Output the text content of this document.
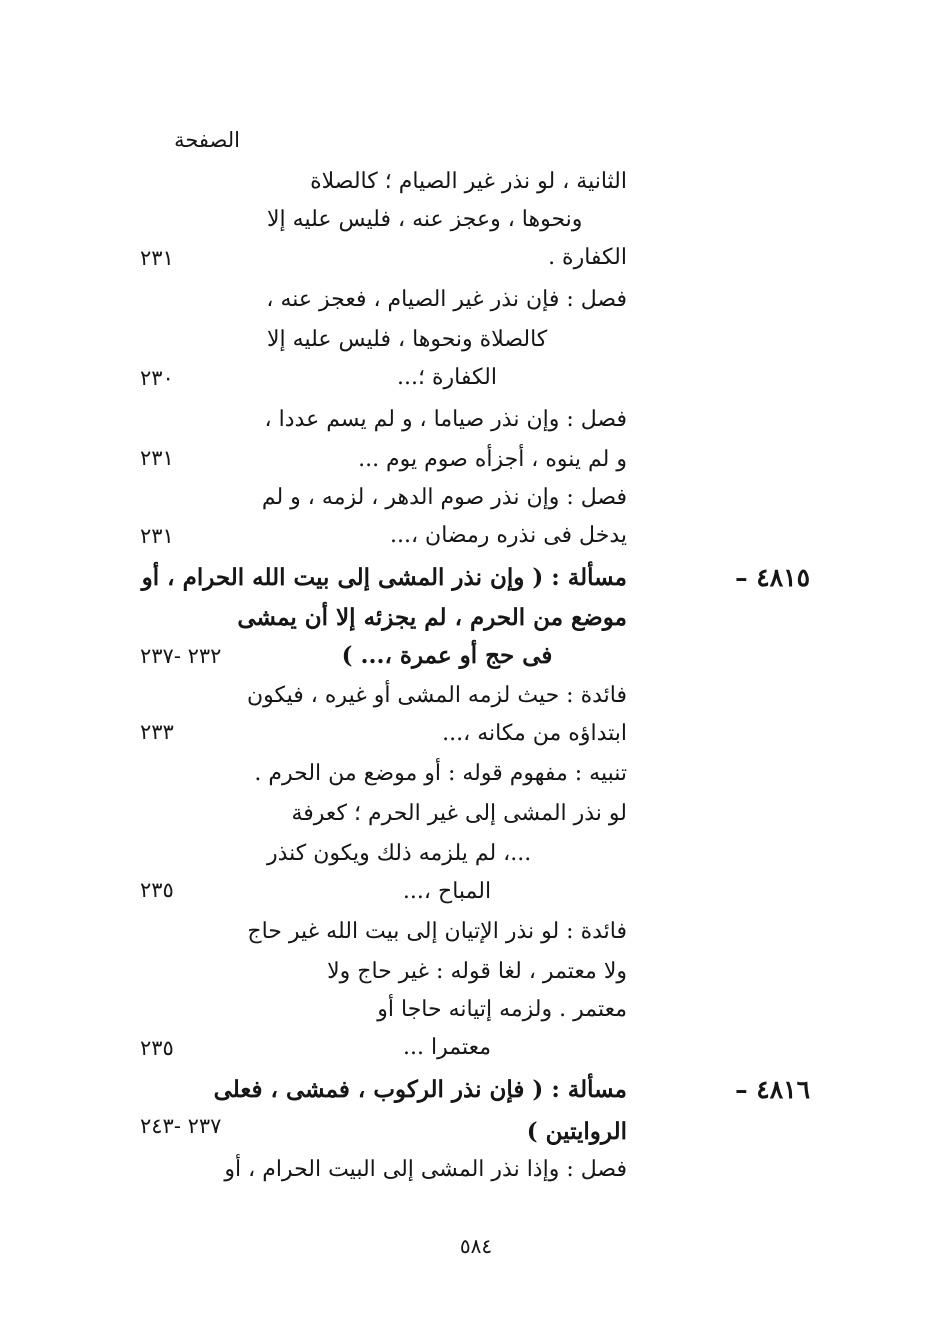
الصفحة
الثانية ، لو نذر غير الصيام ؛ كالصلاة
ونحوها ، وعجز عنه ، فليس عليه إلا
الكفارة .
فصل : فإن نذر غير الصيام ، فعجز عنه ،
كالصلاة ونحوها ، فليس عليه إلا
الكفارة ؛...
فصل : وإن نذر صياما ، و لم يسم عددا ،
و لم ينوه ، أجزأه صوم يوم ...
فصل : وإن نذر صوم الدهر ، لزمه ، و لم
يدخل فى نذره رمضان ،...
مسألة : ( وإن نذر المشى إلى بيت الله الحرام ، أو
موضع من الحرم ، لم يجزئه إلا أن يمشى
فى حج أو عمرة ،... )
فائدة : حيث لزمه المشى أو غيره ، فيكون
ابتداؤه من مكانه ،...
تنبيه : مفهوم قوله : أو موضع من الحرم .
لو نذر المشى إلى غير الحرم ؛ كعرفة
...، لم يلزمه ذلك ويكون كنذر
المباح ،...
فائدة : لو نذر الإتيان إلى بيت الله غير حاج
ولا معتمر ، لغا قوله : غير حاج ولا
معتمر . ولزمه إتيانه حاجا أو
معتمرا ...
مسألة : ( فإن نذر الركوب ، فمشى ، فعلى
الروايتين )
فصل : وإذا نذر المشى إلى البيت الحرام ، أو
٢٣١
٢٣٠
٢٣١
٢٣١
٢٣٢ -٢٣٧
٢٣٣
٢٣٥
٢٣٥
٢٣٧ -٢٤٣
٤٨١٥ –
٤٨١٦ –
٥٨٤
